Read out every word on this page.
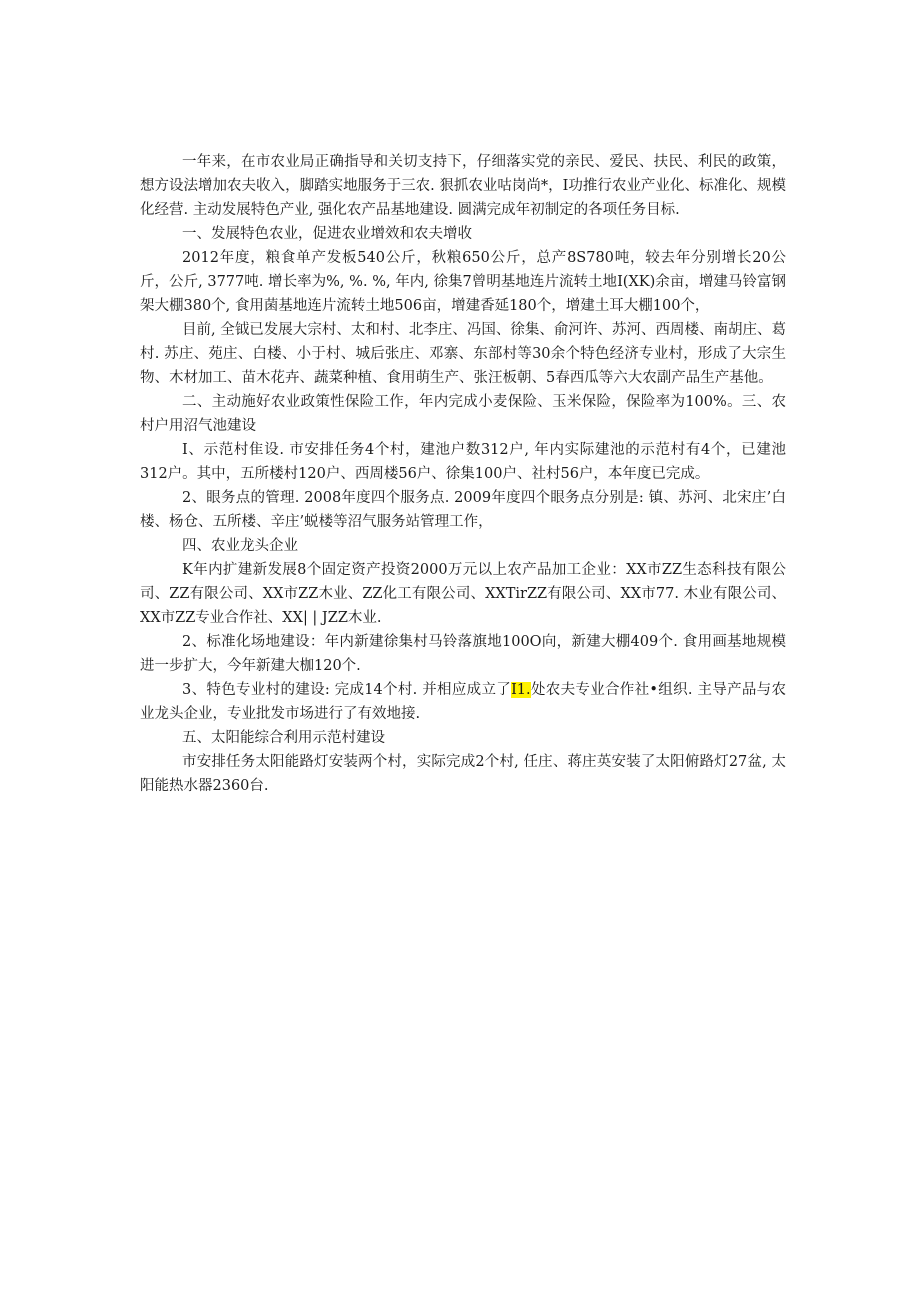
一年来，在市农业局正确指导和关切支持下，仔细落实党的亲民、爱民、扶民、利民的政策，想方设法增加农夫收入，脚踏实地服务于三农. 狠抓农业咕岗尚*，I功推行农业产业化、标准化、规模化经营. 主动发展特色产业, 强化农产品基地建设. 圆满完成年初制定的各项任务目标.

一、发展特色农业，促进农业增效和农夫增收

2012年度，粮食单产发板540公斤，秋粮650公斤，总产8S780吨，较去年分别增长20公斤，公斤, 3777吨. 增长率为%, %. %, 年内, 徐集7曾明基地连片流转土地I(XK)余亩，增建马铃富钢架大棚380个, 食用菌基地连片流转土地506亩，增建香延180个，增建土耳大棚100个，

目前, 全钺已发展大宗村、太和村、北李庄、冯国、徐集、俞河许、苏河、西周楼、南胡庄、葛村. 苏庄、苑庄、白楼、小于村、城后张庄、邓寨、东部村等30余个特色经济专业村，形成了大宗生物、木材加工、苗木花卉、蔬菜种植、食用萌生产、张汪板朝、5春西瓜等六大农副产品生产基他。

二、主动施好农业政策性保险工作，年内完成小麦保险、玉米保险，保险率为100%。三、农村户用沼气池建设

I、示范村隹设. 市安排任务4个村，建池户数312户, 年内实际建池的示范村有4个，已建池312户。其中，五所楼村120户、西周楼56户、徐集100户、社村56户，本年度已完成。

2、眼务点的管理. 2008年度四个服务点. 2009年度四个眼务点分别是: 镇、苏河、北宋庄’白楼、杨仓、五所楼、辛庄’蜕楼等沼气服务站管理工作，

四、农业龙头企业

K年内扩建新发展8个固定资产投资2000万元以上农产品加工企业：XX市ZZ生态科技有限公司、ZZ有限公司、XX市ZZ木业、ZZ化工有限公司、XXTirZZ有限公司、XX市77. 木业有限公司、XX市ZZ专业合作社、XX| | JZZ木业.

2、标准化场地建设：年内新建徐集村马铃落旗地100O向，新建大棚409个. 食用画基地规模进一步扩大，今年新建大枷120个.

3、特色专业村的建设: 完成14个村. 并相应成立了I1.处农夫专业合作社•组织. 主导产品与农业龙头企业，专业批发市场进行了有效地接.

五、太阳能综合利用示范村建设

市安排任务太阳能路灯安装两个村，实际完成2个村, 任庄、蒋庄英安装了太阳俯路灯27盆, 太阳能热水器2360台.
